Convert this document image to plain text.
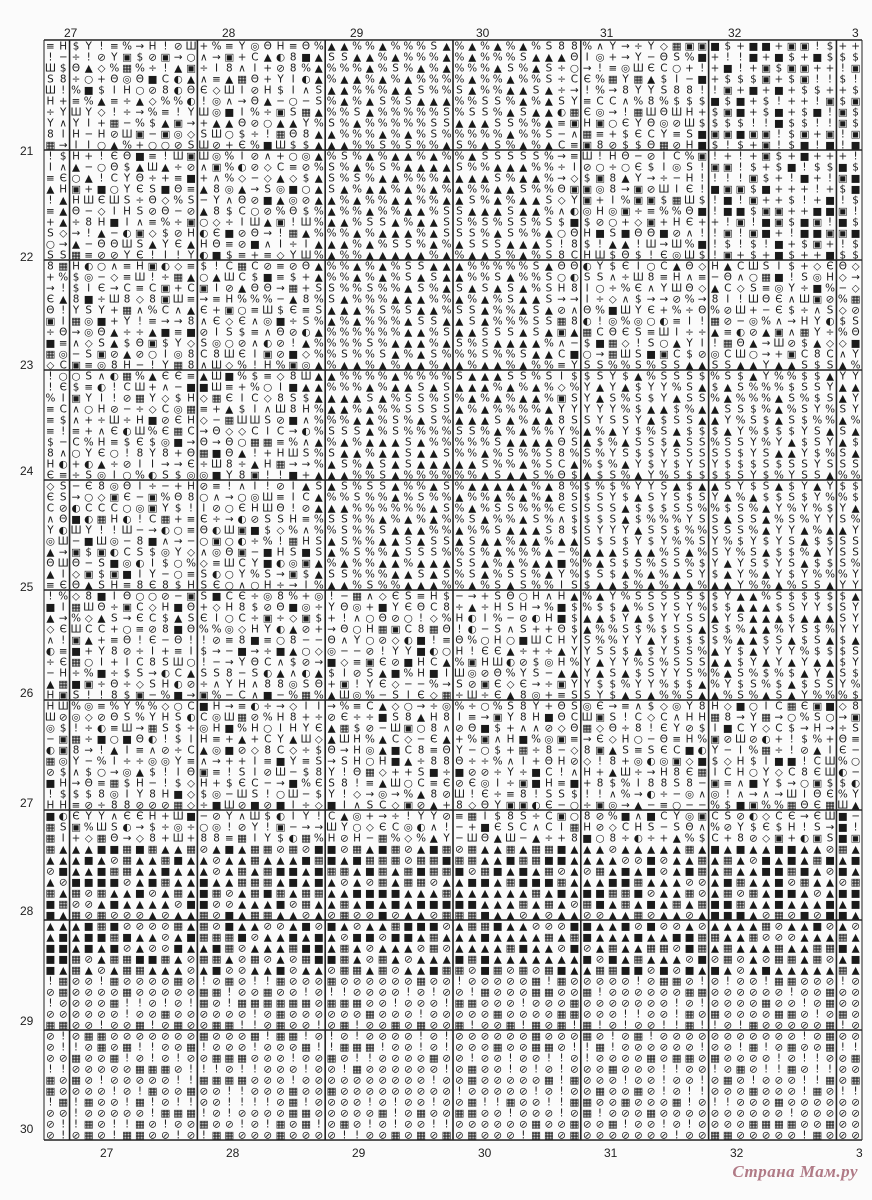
≡ H $ Y ! ≡ % → H ! ⊘ Ш + % ≡ Y ◎ Θ H ≡ Θ % ▲ ▲ % % ▲ % % % S ▲ % ▲ % ▲ % ▲ % S 8 8 % ∧ Y → ÷ Y ◇ ▦ ▣ ▣ ■ $ + ■ ■ + ▣ ▣ ! $ + +
! ─ ÷ ! ⊘ Y ▣ $ ⊘ ▣ → ○ ∧ → ▣ + C ▲ ◐ 8 ■ ▲ S S ▲ ▲ % ▲ % % % ▲ % ▲ % % % S ▲ ▲ ▲ Θ I ◎ + → Y ─ Θ S % ■ + ! ! ■ + ■ $ + ■ $ $ $
Ш $ Θ ▲ ◇ % ▦ % ÷ ! ▲ ▣ ÷ I 8 ∧ I + ⊘ 8 % ▲ % % % ▲ % S % ▲ % ▲ % % % ▲ S % ▲ S ÷ ○ → ! ≡ ◎ Ш Є C ○ + ! + ■ ! + ▣ $ ▣ ▣ + + ! ▣
S 8 ÷ ○ + Θ ◎ Θ ■ C ◐ ▲ ∧ ≡ ▲ ▦ Θ + Y I ◐ ▲ % ▲ ▲ % ▲ % ▲ % % % % ▲ % % ▲ % % S ÷ C Є % ▦ Y ▦ ▲ $ I ─ ■ + $ $ $ ▣ + $ ▣ ! ! $ !
Ш ! % ■ $ I H ○ ⊘ 8 ◐ Θ Є ◇ Ш I ⊘ H $ I ∧ S ▲ ▲ % % % ▲ ▲ S % % S ▲ % % ▲ ▲ S ▲ ÷ → ! % → 8 Y Y S 8 8 ! ! ▣ + ■ + ■ + $ $ + + $
H + ≡ % ▲ ≡ ÷ ▲ ◇ % % ◐ ! ◎ ∧ → Θ ▲ ─ ○ ─ S % ▲ % ▲ S % S ▲ ▲ ▲ % % S S % ▲ % ▲ S Y ≡ C C ∧ % 8 % $ $ $ ■ $ ■ + $ ! + + ! ▣ $ ▣
÷ Y Ш Y ◇ ! ÷ → % ≡ ! Y Ш ◎ ■ I % ÷ ▣ S ▦ ▲ % % S ▲ % % % % % S % S S % ▲ S ▲ ▲ ◐ ▦ Є ◎ → ! ▦ Ш Θ Ш H + $ ▣ ■ + $ ■ + $ ■ ! ▣ $
Y ∧ Y I + ▦ ─ % $ ▲ ▣ → + ▲ ▲ Θ ⊘ ○ ▲ ▲ Y % S % ▲ % % % % % S S ▲ ▲ ▲ S S % % ▲ ≡ ▣ H ▣ ○ Є Y Θ ◎ ⊘ Ш $ $ $ $ ! ! ■ $ $ ! ! ▣ $
8 I H ─ H ⊘ Ш ▣ ─ ▣ ◎ ◇ S Ш ○ $ ÷ ! ▦ Θ 8 ▲ ▲ % % % ▲ % ▲ % S % % % % % ▲ % % S ─ ∧ ▦ ≡ + $ Є C Y ≡ S ■ ▣ ▣ ■ ▣ ▣ ! $ ▣ + ▣ ! ▣
▦ → I I ○ ▲ % + ○ ○ ⊘ S Ш ⊘ + Є % ■ Ш $ $ ▲ ▲ ▲ % % S % S % % ▲ S % ▲ S % ▲ % ▲ C ≡ ▣ 8 ⊘ $ $ Θ ▦ ⊘ H ■ $ ! $ + ▣ ! $ ■ ! ■ ! ■
! $ H + ! Є Θ ■ ≡ ! Ш ▣ Ш ◎ % I ⊘ ∧ + ○ ◎ ▲ % S % ▲ % ▲ ▲ % ▲ % % ▲ S S S S S % → ≡ Ш ! H Θ ─ ⊘ I C % ▣ ! + ! + ▣ $ + ■ + + + !
I ∧ ▲ ─ ○ Θ $ ▲ Ш ▲ ÷ ⊘ ∧ ▣ % ◐ ⊘ ◇ C ≡ ⊘ % S % ▲ % S % ▲ ▲ ▲ ▲ S % % ▲ ▲ ▲ % % ÷ I ⊘ ○ ÷ ○ Є $ I ◎ S ! ▣ ▣ ! $ + $ ■ ! $ $ ■ $
≡ Є ○ ▲ ! C Y Θ ÷ + ≡ ■ + ∧ % ◇ ─ ◇ ▲ ◇ $ ▲ S % S % ▲ ▲ % % % ▲ ▲ ▲ ▲ S % ▲ ▲ % → ◇ $ ▣ 8 ▲ Y → ÷ ─ H ! ! ! ! ▣ $ + ! ■ + ! ▣ ■
▲ H ▣ + ■ ○ Y Є S ■ Θ ≡ ▲ 8 ◎ ▲ → S ◎ ■ ○ ▲ S ▲ % ▲ ▲ % ▲ % ▲ % ▲ % % ▲ ▲ S % % Θ ▣ ▣ ◎ 8 → ▣ ⊘ Ш I Є ! ■ ▣ ▣ $ ■ + + + ! + $ ■
! ▲ H Ш Є Ш S ÷ Θ ◇ % S ─ Y ∧ Θ ⊘ ■ ▲ ◎ ⊘ ▲ ▲ % ▲ % % ▲ ▲ % % ▲ ▲ S % ▲ % ▲ ▲ S ◇ Y ▣ + I % ▣ ▣ $ ▦ Ш $ ! ■ ! ▣ + + $ ! + ■ ! $
≡ ▲ Θ ─ ◇ I H S ⊘ Θ ─ ⊘ ▲ 8 $ C ○ ⊘ % Θ $ % ▲ % % ▲ % % ▲ ▲ % S S ▲ ▲ ▲ S ▲ ▲ % ∧ ◐ ◎ H ◎ ▣ ÷ ≡ % % Θ ■ ! ■ ■ $ ▣ ▣ + + ■ ■ ▣ !
+ ▲ ÷ 8 H ■ I ∧ ≡ % ÷ ▣ ○ ◇ ÷ I Ш ▲ ▣ ! Ш % ▲ ▲ % S S ▲ % ▲ ▲ S S % S % S S % S $ ■ $ ⊘ ○ + ◇ ▣ + H Є + + ! ▣ ! ■ ▣ $ ■ ▣ ! ■ $
S ◇ → ! ▲ ─ ◐ ▣ ◇ $ ⊘ H ◐ Є ■ ⊘ Θ → ! ▦ ▲ % % % ▲ % ▲ ▲ ▲ % ▲ S S S % ▲ S % % ▲ ○ Θ H ■ S ■ Θ Θ ■ ⊘ ∧ ! ! ▣ ! ▣ ■ + ! ■ ■ ▣ ▣ ■
○ → ▲ ─ Θ Θ Ш S ▲ Y Є ▲ H Θ ≡ ⊘ ■ ∧ I ÷ I ▲ ▲ ▲ % ▲ % S S % ▲ % ▲ S S S ▲ ▲ ▲ S ! 8 $ ! ▲ ▲ ! Ш → Ш % ■ ! $ ! $ ! ■ + $ ▣ + ! $
S S ▦ ≡ ⊘ ⊘ Y Є ! I ! Y ◐ ■ $ ≡ + ≡ ◇ Y Ш % ▲ % % ▲ ▲ ▲ ▲ ▲ % ▲ % ▲ ▲ S % ▲ % S 8 C H Ш $ Θ $ ! Є ◎ Ш $ ! ▣ + $ + ■ $ + + ■ $ $
8 ▦ H ◐ ○ ∧ ≡ H ▣ ◐ ◇ ≡ $ ! C ▦ C ⊘ ≡ ⊘ Θ ▲ % % ▲ % ▲ % S S ▲ ▲ ▲ % % % % % S ▲ Θ Θ ◐ Y $ Є I ○ C ▲ Θ ◇ H ▲ C Ш S I $ + ◇ Є Θ ◇
+ % $ ◎ ─ ◇ ≡ Ш ! ÷ ▦ ▲ ○ ▲ Ш C $ ■ ≡ $ + ▲ % % ▲ % ▲ % S ▲ S ▲ ▲ % % S ▲ % % S ○ ◐ S S ∧ ÷ Ш 8 ≡ H ∧ ≡ ─ Θ ∧ ○ ▦ ■ ! S ◎ H ◇ →
→ ! $ I Є → C ≡ C ▣ + C ▣ I ⊘ ▲ Θ Θ → ▦ + S S % % S % % ▲ S % ▲ S ▲ S ▲ S ▲ % S H 8 I ○ ÷ % Є ∧ Y Ш Θ ◇ ▲ C ◇ S ≡ ◎ Y ÷ ■ % ─ ◇
Є ▲ 8 ■ ÷ Ш 8 ◇ 8 ▣ Ш ≡ → ≡ H % % % ─ ▲ 8 % S ▲ % % % ▲ ▲ ▲ % % ▲ % ▲ % S ▲ ▲ S → → I ÷ ◇ ∧ $ → → ⊘ % → 8 I ! Ш Θ Є ∧ Ш ▣ ⊘ % ▦
Θ ! Y S Y + ▦ ∧ % C ∧ ▲ Є + ▣ ○ ≡ Ш $ Є ≡ S ▲ ▲ ▲ % S % S ▲ ▲ % S S ▲ % % ▲ S ▲ ⊘ ∧ Θ % ■ Ш Y Є + % ÷ Θ % ⊘ Ш + ─ Є $ ÷ ∧ S ◇ ⊘
▣ I ▦ ◎ ■ + Y ! ≡ → → 8 ∧ Є ◇ Є ∧ ◎ ■ ÷ S % ▲ % ▲ % % % ▲ S S ▲ ▲ S ▲ % % % S S ▦ 8 ◐ ! ◎ % ◎ ○ ◐ ≡ I ! ▦ ⊘ ─ ◎ % ∧ → H Y ◐ $ S
÷ Θ → ◎ Θ ▲ ÷ ÷ ▲ ■ ≡ ■ ⊘ I S $ ≡ ∧ Θ ⊘ ◐ ▲ % % % % % % ▲ ▲ % S ▲ ▲ S S S ▲ S ▲ ▣ ▲ ▦ C Θ Є S ≡ Ш I ÷ ÷ ▲ ≡ ◐ ⊘ ▲ ▣ ∧ ▦ Y ÷ % Θ
■ ≡ ∧ ◇ S ▲ $ Θ ▣ $ Y ◇ S ◎ ○ ⊘ ∧ ◐ ⊘ ! ▲ % % % % S % ▲ ▲ ▲ % ▲ S % S ▲ ▲ ▲ ▲ % ∧ ─ $ ■ ▦ ◇ ! S ○ ▲ Y I ! ▦ Θ ▲ → Ш ⊘ $ ▲ ◇ ◇ ■
▦ ◎ ─ S ▣ ⊘ ▲ ⊘ ○ I ◎ 8 C 8 Ш Є I ▣ ⊘ ■ ◇ % % S % % S ▲ % ▲ S % % % S % % S ▲ ▲ C ■ ○ → ▦ Ш S ■ ▣ C $ ⊘ ◎ C Ш ○ → + ▣ C 8 C ∧ Y
◇ C ▣ ≡ ◎ 8 H ─ ! Y ▦ 8 ∧ Ш ◇ % ! H % ▣ ◎ ▲ % ▲ ▲ % ▲ % ▲ ▲ % ▲ ▲ % ▲ ▲ % ▲ % % ≡ Y S S % % S % S S ▲ ▲ S S ▲ ▲ Y ▲ ▲ S $ S ▲ %
! ○ ○ S ∧ ◐ ▦ % ▲ Є Є ≡ ▲ Ш ■ % $ ≡ ◇ 8 Ш ▲ ▲ % % % % ▲ % % % % S ▲ ▲ ▲ S S % S I $ $ S Y $ ▲ % S S S $ % S $ ▲ Y % % $ $ ▲ Y Y
! Є $ ≡ ◐ ! C Ш + ∧ ─ ■ ■ Ш ≡ + % ○ I ■ ▲ ▲ % % % ▲ % ▲ ▲ S ▲ S ▲ ▲ ▲ % ▲ % ▲ % ◇ % Y ▲ Y ▲ $ Y Y % S ▲ $ ▲ S % % % $ S S Y ▲ ▲
% I ▣ Y I ! ⊘ ▦ Y ◇ $ H ◇ ▦ Є I C ◇ 8 S $ ▲ ▲ ▲ ▲ S ▲ % S S % S % ▲ % ▲ % ▲ ▲ % ▣ S Y ▲ S % S $ Y ▲ S S % ▲ % % % ▲ S % $ S ▲ Y
≡ C ∧ ○ H ⊘ ─ ÷ ◇ C ◎ ▦ ≡ + ▲ $ I ∧ Ш 8 H % ▲ ▲ % ▲ % % S S S S ▲ % ▲ % % % % ▲ Y Y Y Y Y % $ ▲ ▲ $ % ▲ ▲ S S $ % ▲ % S Y % S Y
≡ $ ∧ + ÷ Ш ÷ H ■ ⊘ Є H ◇ ─ ▦ Ш Ш S ⊘ ■ ∧ % % % ▲ ▲ % S % ▲ S % ▲ ▲ ▲ S ▲ % ▲ ▲ 8 S S Y S S Y ▲ $ S S ▲ ▲ Y % S $ ▲ S $ % % ▲ %
≡ ! ≡ + ∧ Є ◐ Ш % Є ▦ C → Θ ◇ ◇ C I C → ◐ % S S S ▲ % S % % % % S S % ▲ % ▲ % % Y % ▲ % ▲ Y $ % S ▲ $ $ $ ▲ Y % $ $ $ Y S ▲ S ▲
$ ─ C % H ≡ $ Є $ ◎ ■ → Θ → Θ ○ ▦ ▦ ≡ % ∧ ▲ % ▲ % ▲ ▲ ▲ S ▲ % % % % % S ▲ ▲ ▲ ▲ Θ S ▲ $ % ▲ S S $ ▲ S S % S S Y % Y ▲ $ S Y ▲ $
8 ∧ ○ Y Є ○ ! 8 Y 8 + Θ ▦ ■ Θ ▲ ! + H Ш S % S ▲ ▲ % ▲ ▲ S ▲ ▲ S % % ▲ % S % % S 8 % S % Y S $ $ Y S S S S S $ Y S ▲ ▲ Y $ % S ▲
H ◐ + ◐ ▲ ÷ ⊘ I I → → Є ÷ Ш 8 ÷ ▲ H ▦ → → % ▲ S % ▲ S ▲ S ▲ ▲ ▲ ▲ ▲ S % % ▲ % S C ▲ % $ % ▲ Y $ Y $ Y S Y $ $ $ S $ S S Y S S S
Є ≡ ÷ S ◎ I ○ % ◐ S $ ◎ ◎ ■ Y 8 ▣ ! ! ■ + ▲ ▲ ▲ % % S ▲ % % % % % % ▲ S ▲ ▲ S % Θ $ ▲ $ S % ▲ Y % S $ $ $ $ S Y $ % Y S S ▲ % %
◇ S ─ Є 8 ◎ Θ I ÷ ─ + H ⊘ ≡ ! ∧ I ! ⊘ I ▲ S ▲ S % S S ▲ % % ▲ S % ▲ ▲ ▲ ▲ ▲ % ▲ 8 % $ % $ % Y Y S ▲ $ ▲ ▲ S Y $ S ▲ $ Y ▲ Y $ $
Є S → ○ ◇ ▣ Є ─ ▣ % Θ 8 ○ ∧ → ○ ◎ Ш ≡ I C ▲ % % S % % ▲ % S % % ▲ % % ▲ % ▲ % ▲ 8 S $ S Y $ ▲ S Y S $ S Y ▲ % ▲ $ $ S $ Y % % $
C ⊘ ◐ C C C ○ ◎ ▣ Y $ ! I ⊘ ○ Є H Ш Θ ! ⊘ ▲ ▲ ▲ % % % % % % ▲ S % ▲ % S S % % % Є S S S S ▲ $ $ $ S S % % $ S % ▲ Y % Y % $ Y ▲
∧ Θ ■ ◐ ▦ H ◐ ! C ▦ + ≡ Є ÷ → ◐ ⊘ S S H ≡ % S S % % ▲ % ▲ % ▲ % % S ▲ % % ▲ S % ∧ $ $ $ S ▲ $ % % % Y S S ▲ S S ▲ % S % Y Y S %
Y ◐ Ш Y ! ! Ш ─ → ◐ ○ ≡ Θ ◐ Ш ▣ ■ $ ◇ % ∧ % % S % % S ▲ ▲ ▲ % % ▲ % % S ▲ ▲ ▲ S 8 $ S Y Y Y ▲ S S $ % % S S S % ▲ Y Y ▲ % ▲ ▲ Y
◎ Ш ─ ■ Ш ◎ ─ 8 ■ ∧ → ─ ○ ▣ ○ ◐ ÷ % ! ▦ H S ▲ S % % ▲ ▲ S ▲ S S ▲ S ▲ ▲ % ▲ ▲ % ▲ ▲ S $ S $ Y $ Y % % S Y % $ Y $ Y S ▲ $ $ S S
▲ → ▣ $ ▣ ◐ C S $ ◎ Y ◇ ∧ ◎ Θ ▣ ─ ■ H S ■ S ▲ % S % % ▲ S S S % % S % ▲ % % % ▲ ─ % ▲ ▲ ▲ S ▲ ▲ % S ▲ % S Y % S ▲ $ $ % ▲ Y S S
Θ Ш Θ ─ S ■ ◎ ◐ I $ ○ % ◇ ≡ Ш C Y ■ ◐ ◎ ▣ ▲ % ▲ % % ▲ ▲ % ▲ ▲ ▲ S S ▲ % ▲ % ▲ ▲ ■ % % ▲ S $ S % S S % $ Y ▲ Y S $ Y S ▲ $ $ S %
▲ I ◇ ▣ $ ▣ ■ I Y ─ ○ ≡ S ◐ ○ Y % S → ▣ $ ▲ S S % % % ▲ ▲ S ▲ S % S ▲ % S S % ▲ Y % $ S $ ▲ % ▲ % ▲ S Y $ ▲ Y % ▲ Y $ Y % % % Y
≡ Є Θ ▲ S H ≡ 8 Є 8 $ H S Є ○ ∧ ○ H ÷ → I % ▲ ▲ % S % % ▲ ▲ ▲ % % ▲ % S ▲ S % % I S $ ▲ ▲ $ % ▲ % ▲ ▲ % ▲ ▲ Y % % ▲ % S S ▲ Y Y
! % ◇ 8 ■ I Θ ○ ○ ⊘ ─ ▣ S ■ C Є ÷ ◎ 8 % + ◎ ! ─ ▦ ∧ ◇ Є S ≡ H $ ─ → + S Θ ○ H ∧ H ▲ % ▲ Y % S S S S S $ $ Y ▲ ▲ % S $ $ $ $ $ ▲
■ I ▦ Ш Θ ÷ ▣ C ◇ H ■ Θ + ◇ H 8 $ ⊘ Θ ■ ◎ ÷ Y Θ ◎ + ■ Y Є Θ C 8 ÷ ▲ ÷ H S H → % ■ $ % $ $ ▲ % S Y S Y % $ $ ▲ ▲ ▲ $ S Y Y $ S Y
▲ → % ◇ ▲ S → Є C $ ▲ S Є I ○ C ÷ ▣ ÷ ◇ ▣ $ + ! ∧ ○ Θ ⊘ ○ ! ◇ % H ◐ I % ─ ⊘ ◐ H ■ $ ▲ ▲ $ Y ▲ $ Y Y S S ▲ Y S ▲ ▲ ▲ $ ▲ ▲ ▲ S Y
◇ Є Ш C C + ○ ≡ ⊘ 8 ■ Θ % % ◎ ◇ H Y ◐ ▲ ⊘ + → Θ ○ H ▦ ▣ C 8 ▦ Θ ! ◐ ─ S ∧ S + + Θ $ ▲ % % S $ % $ S S ▲ S $ % ▲ ▲ % Y S $ % Y Y
∧ ! ▣ ▲ + ≡ Θ ! Є ─ Θ ! ! ⊘ ≡ 8 ■ ≡ ○ 8 ─ ─ Θ ∧ Y ○ ⊘ ◇ ◐ ■ ! ≡ Θ % ○ H ○ ■ Ш C H Y S % % Y Y ▲ Y $ $ $ $ % ▲ ▲ $ S ▲ $ S ▲ $ ▲
◐ ≡ ■ + Y 8 ⊘ ÷ I + ≡ I $ → ─ ■ → ÷ ■ ▲ ○ ◇ ◎ ─ ─ ⊘ ! Y Y ■ ◐ ○ H ! Є Є ▲ ÷ + ÷ ▲ Y Y S S $ ▲ $ Y S S % ▲ Y $ ▲ Y Y Y % $ $ $ S
÷ Є ▦ ○ I + I C 8 S Ш ○ ! ─ → Y Θ C ∧ $ ⊘ → ■ ◇ ≡ ▣ Є ⊘ ■ H C ▲ % ▣ H Ш ◐ ⊘ $ ◎ H % Y ▲ Y Y % S % S S S ▲ ▲ $ Y ▲ Y ▲ Y ▲ ▲ $ Y
─ H ÷ % ■ ÷ $ S → ◐ C ▲ S S 8 ─ S ◐ ▲ ∧ ◐ ▲ $ I ⊘ S ▲ ■ % H ■ I Ш ◎ ⊘ Θ % Y S ─ ▲ ▲ Y ▲ S ▲ $ S Y Y S % % ▲ S % $ % $ ▲ Y ▲ S $
▲ ▦ ■ ▣ ÷ Θ ÷ ◇ S H ◐ ⊘ ÷ ∧ Y H ∧ 8 8 ◎ S Θ + ▣ ! Y Є ◇ ─ ─ % → S ⊘ ▣ Є ◇ Є → ÷ ▣ Y Y $ $ % Y Y % $ $ ▲ % Y $ S % $ ▲ $ S S Y %
H ▣ S ! ! 8 $ ▣ ─ % ■ → ▣ % ─ C ∧ ■ ─ % ▦ % ▲ Ш ◎ % ─ S I Є ◇ ▦ ÷ Ш ÷ Є ▲ 8 ◎ + ≡ S S Y $ ▲ S ▲ % % S ▲ ▲ % S % ▲ S ▲ Y % % % $
H Ш % ◎ ≡ % Y % % ◇ ○ C ■ H → ≡ ◐ ÷ → ◇ I I → % ≡ C ▲ ◇ ○ → ÷ ◎ % ÷ ○ % S 8 Y + Θ S ◎ Є → ≡ ∧ $ ◇ ◎ Y 8 H ◇ ■ ○ I C ▦ Є ▣ ■ ◇ 8
Ш ⊘ ◎ ◇ ⊘ Θ S % Y H S ◐ C ◎ Ш ▦ ⊘ % H 8 + ÷ ⊘ Є ÷ ÷ ■ S 8 ▲ H 8 I ≡ → ▣ Y 8 H ■ Θ C Ш ▣ S ! C ◇ C ∧ H H ▦ 8 → Y ▦ → ○ % S ○ → ▣
◎ $ ! ÷ ◐ ≡ Ш → ▦ S $ ÷ ◎ H ■ % H ○ I H Y Є ▲ ▦ $ ⊘ ─ Ш ▣ ○ 8 ∧ ⊘ Θ ■ $ + ∧ ∧ ⊘ ◇ Θ ▦ ◇ Θ ÷ 8 ! Є Y ⊘ $ I ■ C Y ◇ C $ → H → ÷ S
─ ▣ ▦ ÷ ■ ○ ■ Θ ◐ ! $ I H ≡ + ▲ + C Y ▲ Ш ◇ ▲ Ш H % ▲ C ◇ ─ Є ▲ + % ▣ ∧ H ■ % ◎ ▣ ≡ → Є ◇ H ○ ─ Θ ≡ H % ▣ ⊘ Ш ⊘ ◐ + ! $ % + Θ ≡
◐ ▣ 8 → ! ▲ I ≡ ∧ ⊘ ÷ C ▲ ◎ ■ ⊘ ◇ 8 C ◇ ÷ $ Θ → H ◎ ▲ ■ C 8 ≡ Θ Y ─ ○ $ + ▦ ÷ 8 ─ ◇ 8 ▣ ▲ S ≡ S Є C ■ ◐ Y ─ I % ▦ ÷ ! ⊘ ▲ I Є ─
▦ ◎ Y ─ % I ÷ ÷ ◎ ◎ Y ≡ ∧ → + + I ≡ ■ Y ≡ S → S H ○ H ■ ▲ ÷ 8 8 Θ ÷ ÷ % ∧ I + Θ H ⊘ ◇ ! 8 + ◎ ◐ ◎ ▣ ◇ ■ $ ◇ H $ I ■ ■ ! C Ш % ○
⊘ $ ∧ $ ○ → ◎ ▲ $ ! I Θ ▣ ≡ ! S I ⊘ Ш ─ $ 8 Y ! Θ ▦ ◇ + + S ■ ÷ ■ ⊘ ⊘ ÷ Y ÷ ■ C ! ∧ H + ▲ Ш ÷ → H 8 Є ▦ I C H ○ Y ◇ C 8 Є Ш ◐ ─
■ H → Θ ≡ ▦ $ H ─ ! $ ◇ H + $ Є C ─ → ■ % Є S 8 ! ≡ ▲ Ш ○ C ≡ Є ⊘ Є ◎ I ÷ ▣ ■ H ≡ ■ + 8 $ % I 8 8 S 8 ─ ▣ ≡ ∧ ■ Y $ → ○ ▣ $ $ ◐
! $ $ $ 8 ◎ I Y 8 H ■ ◇ $ ◎ ─ Ш S ! ○ Ш ─ $ Y ! ◇ → ◎ → % ▲ 8 ⊘ Ш ! Є ÷ ≡ 8 ! S S $ ! ! ∧ % → ◐ ÷ ─ ◎ ∧ ◎ ! ∧ → ∧ → Ш I Θ Є % Y
H H ≡ ⊘ ÷ 8 8 ⊘ ⊘ ⊘ ▦ ◇ ÷ ■ Ш ⊘ ■ ⊘ ■ I ÷ ◇ ■ I ∧ S C ◇ ▣ ⊘ ▲ + 8 ◇ Θ Y ▣ ▣ ◐ Є ─ ○ ÷ ▣ ◎ → ▲ ─ ≡ ○ ─ ─ % $ ■ ▣ % % ▦ Θ Є ▦ Ш ▲
■ ◐ Є Y Y ∧ Є Є H + Ш ■ ─ ⊘ Y ∧ Ш $ ◐ I Y ! C ▲ ◎ + → ÷ ! Y Y ⊘ ≡ ▦ I $ 8 S ÷ C ▣ ○ 8 ⊘ % ■ ∧ ■ C Y ◎ ▣ C S ⊘ ◐ ◇ C Є → Є Ш ■ ─
▦ S ▣ % Ш S ◐ → $ ÷ ◎ ÷ ○ ◎ ! ⊘ Y ! ▣ ─ → → Ш Y ○ ◇ Є C ◎ ◐ ∧ ! ─ + ■ Є S C ∧ C I ▦ H ⊘ ◇ C H S ─ S Θ ∧ % ⊘ Y $ Є $ H ! S → ■ !
▦ I + ◇ ▦ Θ → ◇ 8 + Ш + 8 8 ≡ ▦ I Y $ ◐ ▦ % H ⊘ H ─ ▦ % ◇ % ▲ Y ─ Ш Θ ▲ Ш ─ ▲ ÷ + 8 ■ ○ 8 ÷ ◐ ÷ + ▲ % $ C + 8 ⊘ ◇ ▣ + ◐ ▣ S ■ ▣
▦ ▲ ▲ ▲ ■ ■ ▦ ■ ▦ ▲ ▲ ▦ ⊘ ▲ ■ ▲ ▦ ▦ ⊘ ▦ ⊘ ■ ■ ⊘ ▦ ▲ ■ ▦ ⊘ ▲ ■ ▦ ⊘ ▦ ▲ ▲ ▦ ▲ ▦ ▦ ■ ▲ ▲ ▲ ⊘ ▲ ▲ ▲ ▲ ▲ ▦ ▲ ■ ▲ ■ ▲ ▲ ■ ■ ▲ ▲ ⊘ ▦ ▲
▲ ▲ ▲ ■ ▲ ⊘ ▦ ▲ ▲ ▦ ■ ▲ ▲ ⊘ ▲ ▲ ▦ ▲ ▲ ▲ ■ ▦ ■ ▲ ■ ▦ ▦ ▦ ⊘ ▦ ▦ ■ ▦ ▦ ▲ ▲ ■ ▦ ▦ ■ ■ ▲ ▲ ▲ ▲ ⊘ ⊘ ■ ⊘ ▲ ▲ ▦ ▲ ▦ ▲ ⊘ ■ ▲ ■ ▲ ▦ ■ ▲ ■
⊘ ■ ▲ ▲ ■ ▦ ▦ ▲ ▲ ■ ▲ ▲ ▲ ⊘ ▲ ▦ ▲ ▦ ■ ■ ▲ ■ ▦ ▦ ▲ ■ ▦ ▲ ▦ ■ ▦ ▦ ■ ⊘ ▦ ■ ▲ ■ ▲ ▦ ⊘ ▲ ⊘ ▦ ▲ ■ ▲ ■ ⊘ ▲ ■ ▦ ▲ ▦ ▲ ▲ ■ ■ ▦ ■ ▲ ⊘ ■ ▲
▲ ⊘ ■ ■ ■ ■ ⊘ ▲ ■ ▦ ▲ ▲ ■ ▲ ▲ ▦ ▦ ▦ ▲ ■ ▲ ■ ▲ ⊘ ▲ ⊘ ▦ ▲ ▦ ▦ ⊘ ▲ ▲ ■ ■ ▲ ▦ ■ ■ ■ ▦ ▲ ▲ ▲ ■ ■ ▦ ▲ ▲ ▲ ⊘ ⊘ ▲ ■ ▦ ▲ ▲ ■ ⊘ ▦ ▲ ▲ ⊘ ▦
▦ ▲ ▦ ⊘ ▦ ▲ ▲ ■ ⊘ ▲ ▦ ▲ ■ ▦ ⊘ ▲ ▦ ■ ▦ ▲ ▦ ▦ ▲ ▲ ■ ■ ■ ■ ▲ ▲ ▲ ▦ ▲ ▲ ▲ ▲ ▲ ▲ ▦ ▲ ■ ▲ ■ ■ ▦ ▦ ■ ⊘ ▲ ▲ ▦ ⊘ ▲ ▦ ⊘ ▦ ▲ ■ ■ ▲ ⊘ ▲ ■ ■
■ ▦ ⊘ ⊘ ▲ ■ ▲ ▲ ▲ ▲ ⊘ ■ ■ ⊘ ⊘ ▲ ▲ ▲ ■ ⊘ ▦ ▲ ▲ ▦ ▲ ■ ▲ ■ ▲ ■ ■ ■ ■ ■ ▲ ▲ ▲ ▦ ▲ ▦ ▲ ⊘ ▦ ■ ▲ ▦ ▲ ■ ▲ ▦ ▲ ▦ ■ ■ ▦ ▲ ▲ ■ ▲ ▲ ▲ ■ ▲ ■
■ ▲ ▦ ⊘ ▦ ⊘ ⊘ ⊘ ▲ ⊘ ▲ ▲ ▦ ⊘ ■ ▲ ▦ ▦ ▲ ▲ ⊘ ▲ ⊘ ▦ ⊘ ⊘ ■ ⊘ ▲ ▲ ⊘ ▦ ▦ ▦ ■ ▲ ▲ ⊘ ▲ ⊘ ▲ ▲ ⊘ ⊘ ▲ ▲ ▦ ⊘ ▲ ▲ ⊘ ▲ ■ ■ ■ ▲ ⊘ ▦ ⊘ ■ ⊘ ■ ■ ▲
▲ ▲ ▲ ■ ▦ ■ ⊘ ⊘ ⊘ ⊘ ▦ ▲ ▦ ⊘ ■ ▲ ▲ ⊘ ⊘ ▲ ■ ⊘ ■ ▲ ⊘ ▲ ▲ ▦ ■ ■ ■ ⊘ ▲ ▦ ▦ ■ ▲ ▲ ⊘ ⊘ ⊘ ■ ■ ▲ ▲ ■ ⊘ ■ ⊘ ⊘ ▲ ⊘ ▲ ▲ ▲ ▲ ▦ ⊘ ▲ ▲ ■ ⊘ ▲ ⊘
▲ ■ ▲ ■ ■ ▦ ■ ▲ ▲ ⊘ ▲ ■ ▦ ▦ ▦ ■ ⊘ ▲ ▲ ■ ▲ ■ ▲ ⊘ ■ ■ ⊘ ■ ■ ▲ ▦ ▲ ▲ ▲ ■ ▲ ▲ ▲ ▲ ▦ ▲ ▦ ■ ▲ ▲ ▲ ■ ▲ ▲ ■ ■ ▦ ▦ ▲ ▲ ▦ ⊘ ⊘ ⊘ ▲ ▲ ▲ ▦ ▲
■ ■ ▲ ■ ▲ ■ ⊘ ▲ ⊘ ⊘ ■ ▲ ▲ ■ ▦ ⊘ ▲ ▲ ▲ ▦ ■ ■ ▲ ▦ ▲ ⊘ ▲ ▲ ▲ ⊘ ▦ ⊘ ▲ ▲ ▲ ▲ ▦ ■ ▲ ▲ ⊘ ■ ⊘ ▲ ▦ ▲ ▲ ▦ ▦ ⊘ ■ ▦ ▲ ▦ ▲ ▲ ▲ ▦ ▲ ▲ ▦ ▦ ■ ▲
■ ■ ▦ ⊘ ▲ ▦ ▦ ■ ■ ▦ ▲ ⊘ ▦ ▦ ▲ ⊘ ▦ ⊘ ▲ ⊘ ▦ ■ ■ ▦ ▲ ⊘ ▦ ▲ ⊘ ▲ ▲ ▲ ■ ▦ ■ ▲ ▲ ▲ ▲ ▲ ▲ ▲ ■ ⊘ ■ ▲ ▦ ▲ ▲ ▲ ⊘ ■ ⊘ ▦ ⊘ ▲ ⊘ ▦ ▦ ▲ ▦ ⊘ ▲ ■
■ ▲ ▦ ▲ ⊘ ▲ ▦ ▦ ▲ ▲ ▲ ⊘ ▲ ■ ⊘ ⊘ ▲ ▲ ■ ⊘ ▲ ▲ ⊘ ▦ ▦ ▲ ▦ ⊘ ▲ ▲ ■ ▦ ▦ ⊘ ■ ▦ ⊘ ▦ ⊘ ▦ ■ ▲ ▲ ▦ ▦ ■ ■ ⊘ ■ ⊘ ■ ▲ ■ ▲ ⊘ ▲ ■ ▲ ▲ ▲ ▲ ▲ ▦ ▲
! ▦ ⊘ ⊘ ! ▦ ⊘ ⊘ ⊘ ⊘ ▦ ⊘ ! ⊘ ▦ ⊘ ! ! ▦ ⊘ ⊘ ⊘ ▦ ⊘ ⊘ ⊘ ⊘ ⊘ ⊘ ▦ ⊘ ⊘ ! ⊘ ⊘ ⊘ ⊘ ⊘ ▦ ! ▦ ⊘ ⊘ ⊘ ⊘ ⊘ ! ⊘ ▦ ▦ ⊘ ! ⊘ ! ⊘ ⊘ ! ▦ ▦ ⊘ ⊘ ⊘ ! ⊘
⊘ ▦ ⊘ ⊘ ⊘ ⊘ ▦ ⊘ ⊘ ⊘ ⊘ ⊘ ▦ ▦ ! ⊘ ⊘ ▦ ⊘ ⊘ ! ⊘ ! ! ⊘ ⊘ ⊘ ⊘ ! ⊘ ! ⊘ ⊘ ! ▦ ⊘ ⊘ ⊘ ▦ ▦ ⊘ ⊘ ▦ ! ⊘ ⊘ ⊘ ⊘ ⊘ ⊘ ▦ ▦ ⊘ ⊘ ⊘ ⊘ ⊘ ⊘ ! ⊘ ⊘ ▦ ⊘ ⊘
! ⊘ ⊘ ⊘ ⊘ ▦ ! ! ⊘ ! ⊘ ! ▦ ⊘ ! ▦ ▦ ▦ ▦ ▦ ▦ ⊘ ▦ ▦ ▦ ⊘ ⊘ ! ⊘ ⊘ ⊘ ! ▦ ▦ ⊘ ⊘ ⊘ ! ⊘ ⊘ ⊘ ▦ ⊘ ⊘ ⊘ ⊘ ⊘ ⊘ ⊘ ! ⊘ ! ⊘ ⊘ ⊘ ⊘ ▦ ⊘ ⊘ ! ⊘ ▦ ⊘ ⊘
⊘ ⊘ ⊘ ⊘ ⊘ ⊘ ! ⊘ ⊘ ▦ ⊘ ⊘ ⊘ ⊘ ⊘ ⊘ ! ⊘ ▦ ⊘ ⊘ ⊘ ⊘ ⊘ ⊘ ▦ ⊘ ⊘ ⊘ ! ⊘ ⊘ ⊘ ⊘ ⊘ ▦ ⊘ ⊘ ⊘ ⊘ ▦ ▦ ⊘ ⊘ ⊘ ! ! ⊘ ⊘ ! ▦ ⊘ ▦ ⊘ ⊘ ⊘ ⊘ ▦ ▦ ⊘ ! ⊘ ▦ ⊘
▦ ▦ ⊘ ⊘ ! ⊘ ⊘ ▦ ! ⊘ ▦ ⊘ ⊘ ▦ ▦ ! ! ⊘ ▦ ⊘ ⊘ ! ⊘ ▦ ! ⊘ ⊘ ▦ ⊘ ▦ ⊘ ⊘ ▦ ! ⊘ ⊘ ▦ ! ▦ ⊘ ▦ ! ▦ ! ⊘ ! ⊘ ⊘ ! ! ▦ ! ! ⊘ ! ▦ ⊘ ⊘ ⊘ ⊘ ⊘ ▦ ! ⊘
⊘ ! ⊘ ▦ ▦ ⊘ ⊘ ⊘ ⊘ ⊘ ⊘ ⊘ ▦ ⊘ ⊘ ⊘ ▦ ! ▦ ▦ ! ⊘ ! ⊘ ! ⊘ ⊘ ⊘ ⊘ ! ⊘ ! ⊘ ⊘ ⊘ ⊘ ⊘ ⊘ ▦ ⊘ ⊘ ⊘ ▦ ⊘ ! ⊘ ▦ ! ⊘ ⊘ ⊘ ⊘ ⊘ ⊘ ⊘ ⊘ ⊘ ⊘ ⊘ ! ⊘ ▦ ⊘ ⊘
⊘ ! ! ⊘ ▦ ⊘ ▦ ! ! ⊘ ⊘ ▦ ! ⊘ ⊘ ⊘ ! ⊘ ⊘ ⊘ ▦ ! ! ▦ ▦ ▦ ! ⊘ ⊘ ! ⊘ ! ⊘ ⊘ ⊘ ▦ ⊘ ⊘ ▦ ▦ ⊘ ! ! ▦ ! ⊘ ⊘ ⊘ ⊘ ⊘ ⊘ ! ⊘ ⊘ ! ▦ ! ⊘ ▦ ⊘ ⊘ ▦ ! !
⊘ ⊘ ▦ ⊘ ⊘ ▦ ! ⊘ ! ⊘ ! ⊘ ⊘ ▦ ▦ ▦ ⊘ ⊘ ⊘ ! ⊘ ⊘ ▦ ⊘ ! ! ⊘ ⊘ ⊘ ⊘ ▦ ⊘ ⊘ ! ⊘ ⊘ ! ⊘ ⊘ ! ! ⊘ ! ⊘ ⊘ ⊘ ⊘ ▦ ⊘ ▦ ▦ ⊘ ▦ ⊘ ⊘ ⊘ ⊘ ! ⊘ ! ! ⊘ ⊘ ▦
! ! ⊘ ⊘ ⊘ ⊘ ⊘ ▦ ▦ ▦ ⊘ ! ! ! ⊘ ! ! ⊘ ⊘ ⊘ ! ⊘ ⊘ ! ▦ ⊘ ⊘ ⊘ ⊘ ⊘ ⊘ ! ⊘ ▦ ⊘ ⊘ ! ⊘ ! ⊘ ! ⊘ ⊘ ⊘ ▦ ⊘ ⊘ ⊘ ! ! ⊘ ⊘ ! ⊘ ▦ ⊘ ! ! ▦ ⊘ ! ! ⊘ ⊘
▦ ⊘ ▦ ⊘ ! ⊘ ⊘ ⊘ ⊘ ⊘ ! ! ▦ ▦ ▦ ▦ ⊘ ⊘ ⊘ ! ⊘ ⊘ ⊘ ⊘ ⊘ ⊘ ⊘ ⊘ ⊘ ⊘ ! ⊘ ⊘ ▦ ⊘ ⊘ ⊘ ⊘ ⊘ ▦ ! ▦ ⊘ ⊘ ⊘ ! ⊘ ⊘ ! ⊘ ⊘ ! ⊘ ▦ ⊘ ! ⊘ ⊘ ⊘ ! ! ▦ ⊘ ▦
▦ ⊘ ⊘ ⊘ ⊘ ! ⊘ ! ▦ ⊘ ⊘ ▦ ⊘ ⊘ ! ! ⊘ ⊘ ⊘ ▦ ⊘ ⊘ ▦ ⊘ ⊘ ⊘ ⊘ ⊘ ⊘ ⊘ ⊘ ⊘ ! ⊘ ⊘ ⊘ ⊘ ⊘ ! ⊘ ! ⊘ ⊘ ▦ ⊘ ⊘ ▦ ⊘ ! ⊘ ! ! ⊘ ⊘ ⊘ ▦ ⊘ ⊘ ⊘ ! ▦ ⊘ ! !
! ▦ ! ▦ ⊘ ⊘ ! ▦ ! ⊘ ! ! ⊘ ⊘ ! ! ! ! ⊘ ▦ ! ⊘ ⊘ ⊘ ⊘ ! ⊘ ! ⊘ ⊘ ! ⊘ ⊘ ▦ ! ! ▦ ⊘ ⊘ ! ! ▦ ▦ ⊘ ⊘ ▦ ⊘ ⊘ ⊘ ▦ ! ⊘ ! ! ⊘ ⊘ ⊘ ▦ ⊘ ⊘ ⊘ ⊘ ⊘ ⊘
⊘ ⊘ ! ⊘ ⊘ ⊘ ⊘ ⊘ ! ▦ ▦ ▦ ! ⊘ ! ⊘ ⊘ ⊘ ⊘ ▦ ▦ ⊘ ⊘ ⊘ ⊘ ⊘ ▦ ! ⊘ ▦ ⊘ ⊘ ▦ ▦ ⊘ ⊘ ! ⊘ ⊘ ⊘ ! ⊘ ▦ ! ⊘ ⊘ ⊘ ▦ ⊘ ⊘ ⊘ ⊘ ⊘ ⊘ ⊘ ⊘ ⊘ ⊘ ! ⊘ ⊘ ⊘ ⊘ ⊘
⊘ ! ! ▦ ⊘ ! ! ▦ ⊘ ! ⊘ ⊘ ▦ ⊘ ⊘ ! ⊘ ! ▦ ⊘ ▦ ! ⊘ ▦ ⊘ ! ⊘ ! ⊘ ⊘ ! ! ⊘ ⊘ ⊘ ⊘ ⊘ ⊘ ▦ ⊘ ⊘ ▦ ⊘ ⊘ ▦ ! ⊘ ⊘ ! ⊘ ! ⊘ ⊘ ⊘ ⊘ ▦ ▦ ▦ ▦ ⊘ ⊘ ▦ ⊘ ⊘
⊘ ! ⊘ ▦ ⊘ ! ▦ ▦ ⊘ ⊘ ! ⊘ ! ▦ ▦ ⊘ ⊘ ⊘ ▦ ⊘ ⊘ ⊘ ⊘ ! ! ⊘ ⊘ ▦ ⊘ ▦ ⊘ ▦ ⊘ ▦ ⊘ ⊘ ⊘ ! ▦ ▦ ⊘ ▦ ⊘ ⊘ ⊘ ⊘ ⊘ ⊘ ⊘ ! ⊘ ⊘ ▦ ▦ ⊘ ⊘ ⊘ ⊘ ⊘ ! ▦ ⊘ ⊘ ⊘
27	28	29	30	31	32	3
27	28	29	30	31	32	3
21
22
23
24
25
26
27
28
29
30
Страна Мам.ру
